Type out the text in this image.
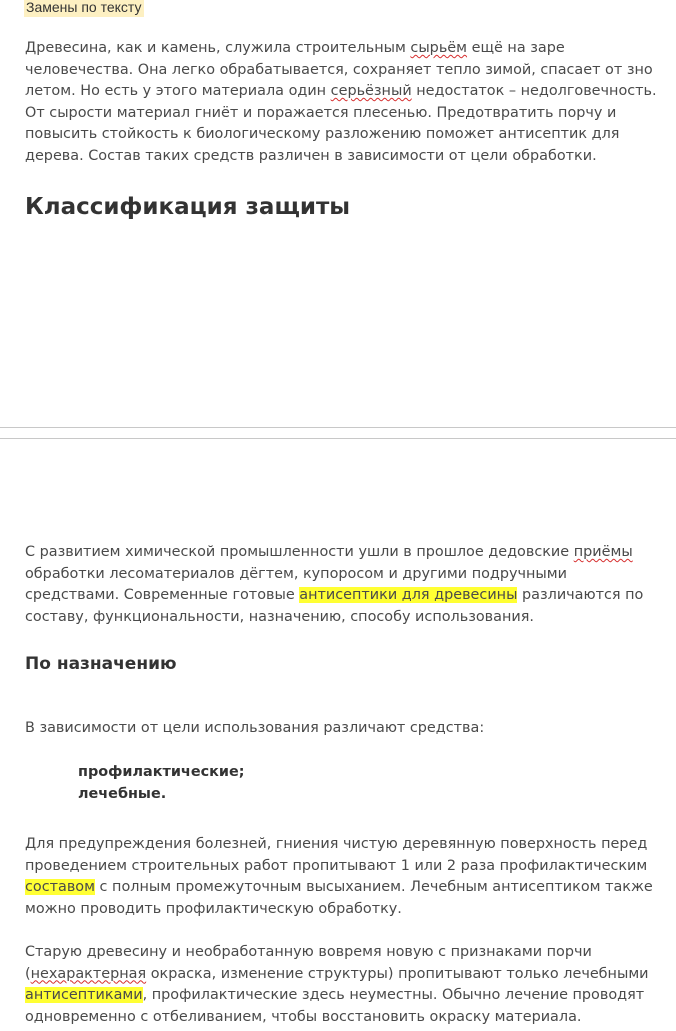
Замены по тексту

Древесина, как и камень, служила строительным сырьём ещё на заре
человечества. Она легко обрабатывается, сохраняет тепло зимой, спасает от зно
летом. Но есть у этого материала один серьёзный недостаток – недолговечность.
От сырости материал гниёт и поражается плесенью. Предотвратить порчу и
повысить стойкость к биологическому разложению поможет антисептик для
дерева. Состав таких средств различен в зависимости от цели обработки.

Классификация защиты

С развитием химической промышленности ушли в прошлое дедовские приёмы
обработки лесоматериалов дёгтем, купоросом и другими подручными
средствами. Современные готовые антисептики для древесины различаются по
составу, функциональности, назначению, способу использования.

По назначению

В зависимости от цели использования различают средства:

профилактические;
лечебные.

Для предупреждения болезней, гниения чистую деревянную поверхность перед
проведением строительных работ пропитывают 1 или 2 раза профилактическим
составом с полным промежуточным высыханием. Лечебным антисептиком также
можно проводить профилактическую обработку.

Старую древесину и необработанную вовремя новую с признаками порчи
(нехарактерная окраска, изменение структуры) пропитывают только лечебными
антисептиками, профилактические здесь неуместны. Обычно лечение проводят
одновременно с отбеливанием, чтобы восстановить окраску материала.
